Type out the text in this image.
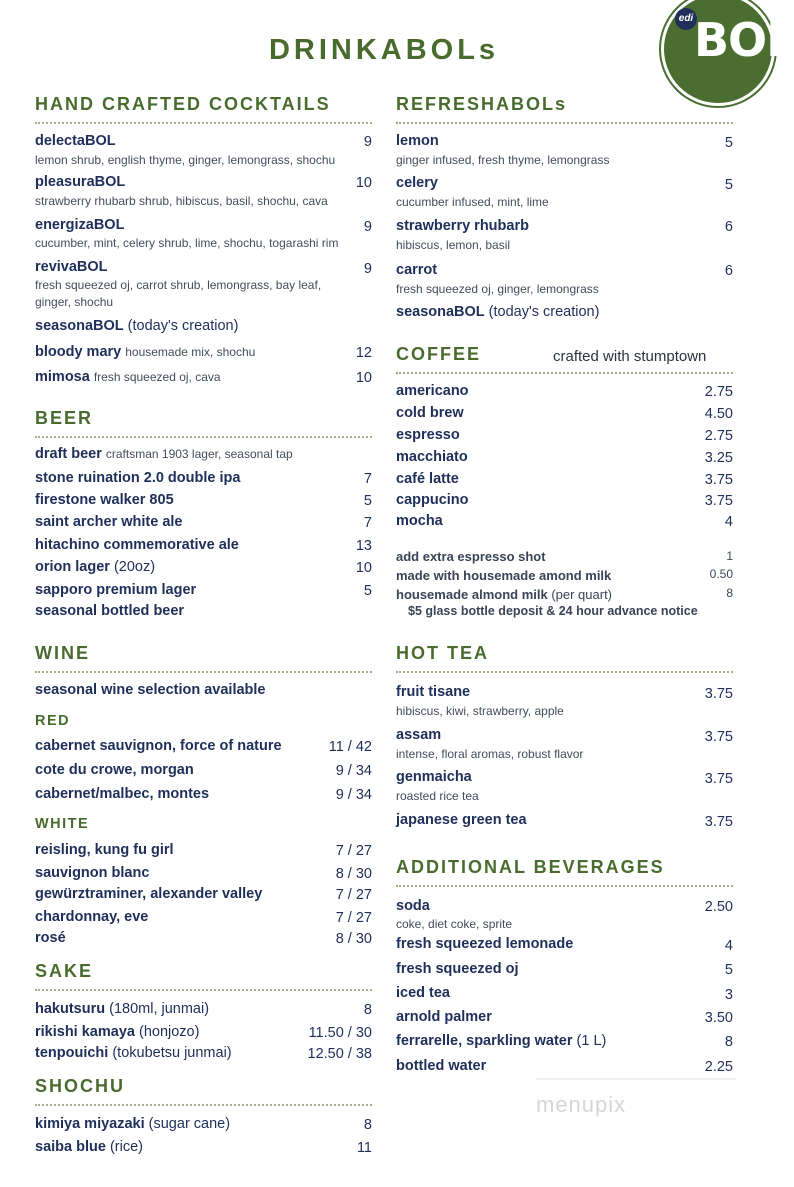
DRINKABOLs
edi BOL
HAND CRAFTED COCKTAILS
delectaBOL	9
lemon shrub, english thyme, ginger, lemongrass, shochu
pleasuraBOL	10
strawberry rhubarb shrub, hibiscus, basil, shochu, cava
energizaBOL	9
cucumber, mint, celery shrub, lime, shochu, togarashi rim
revivaBOL	9
fresh squeezed oj, carrot shrub, lemongrass, bay leaf,
ginger, shochu
seasonaBOL (today's creation)
bloody mary housemade mix, shochu	12
mimosa fresh squeezed oj, cava	10
BEER
draft beer craftsman 1903 lager, seasonal tap
stone ruination 2.0 double ipa	7
firestone walker 805	5
saint archer white ale	7
hitachino commemorative ale	13
orion lager (20oz)	10
sapporo premium lager	5
seasonal bottled beer
WINE
seasonal wine selection available
RED
cabernet sauvignon, force of nature	11 / 42
cote du crowe, morgan	9 / 34
cabernet/malbec, montes	9 / 34
WHITE
reisling, kung fu girl	7 / 27
sauvignon blanc	8 / 30
gewürztraminer, alexander valley	7 / 27
chardonnay, eve	7 / 27
rosé	8 / 30
SAKE
hakutsuru (180ml, junmai)	8
rikishi kamaya (honjozo)	11.50 / 30
tenpouichi (tokubetsu junmai)	12.50 / 38
SHOCHU
kimiya miyazaki (sugar cane)	8
saiba blue (rice)	11
REFRESHABOLs
lemon	5
ginger infused, fresh thyme, lemongrass
celery	5
cucumber infused, mint, lime
strawberry rhubarb	6
hibiscus, lemon, basil
carrot	6
fresh squeezed oj, ginger, lemongrass
seasonaBOL (today's creation)
COFFEE	crafted with stumptown
americano	2.75
cold brew	4.50
espresso	2.75
macchiato	3.25
café latte	3.75
cappucino	3.75
mocha	4
add extra espresso shot	1
made with housemade amond milk	0.50
housemade almond milk (per quart)	8
$5 glass bottle deposit & 24 hour advance notice
HOT TEA
fruit tisane	3.75
hibiscus, kiwi, strawberry, apple
assam	3.75
intense, floral aromas, robust flavor
genmaicha	3.75
roasted rice tea
japanese green tea	3.75
ADDITIONAL BEVERAGES
soda	2.50
coke, diet coke, sprite
fresh squeezed lemonade	4
fresh squeezed oj	5
iced tea	3
arnold palmer	3.50
ferrarelle, sparkling water (1 L)	8
bottled water	2.25
menupix
